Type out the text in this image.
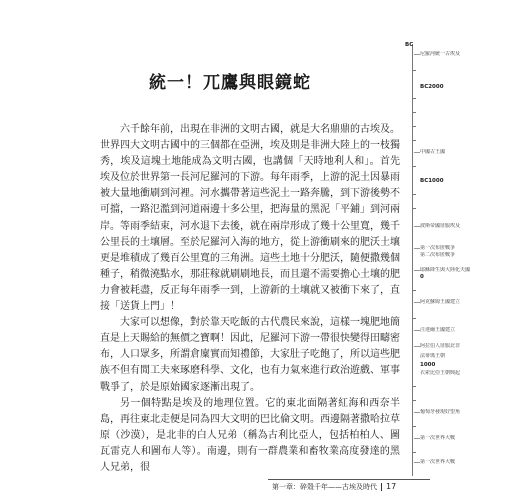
統一！兀鷹與眼鏡蛇

六千餘年前，出現在非洲的文明古國，就是大名鼎鼎的古埃及。世界四大文明古國中的三個都在亞洲，埃及則是非洲大陸上的一枝獨秀，埃及這塊土地能成為文明古國，也講個「天時地利人和」。首先埃及位於世界第一長河尼羅河的下游。每年雨季，上游的泥土因暴雨被大量地衝刷到河裡。河水攜帶著這些泥土一路奔騰，到下游後勢不可擋，一路氾濫到河道兩邊十多公里，把海量的黑泥「平鋪」到河兩岸。等雨季結束，河水退下去後，就在兩岸形成了幾十公里寬，幾千公里長的土壤層。至於尼羅河入海的地方，從上游衝刷來的肥沃土壤更是堆積成了幾百公里寬的三角洲。這些土地十分肥沃，隨便撒幾個種子，稍微澆點水，那莊稼就刷刷地長，而且還不需要擔心土壤的肥力會被耗盡，反正每年雨季一到，上游新的土壤就又被衝下來了，直接「送貨上門」！

大家可以想像，對於靠天吃飯的古代農民來說，這樣一塊肥地簡直是上天賜給的無價之寶啊！因此，尼羅河下游一帶很快變得田疇密布，人口眾多，所謂倉廩實而知禮節，大家肚子吃飽了，所以這些肥族不但有閒工夫來琢磨科學、文化，也有力氣來進行政治遊戲、軍事戰爭了，於是原始國家逐漸出現了。

另一個特點是埃及的地理位置。它的東北面隔著紅海和西奈半島，再往東北走便是同為四大文明的巴比倫文明。西邊隔著撒哈拉草原（沙漠），是北非的白人兄弟（稱為古利比亞人，包括柏柏人、圖瓦雷克人和圖布人等）。南邊，則有一群農業和畜牧業高度發達的黑人兄弟，很

BC
尼羅河統一古埃及
BC2000
中國古王國
BC1000
波斯帝國征服埃及
第一次布匿戰爭
第二次布匿戰爭
耶穌降生與大陸化天國
0
阿克蘇姆王國建立
汪達爾王國建立
阿拉伯人征服北非
法蒂瑪王朝
1000
衣索比亞王朝興起
葡萄牙發現好望角
第一次世界大戰
第一次世界大戰
第一章：碎殼千年——古埃及時代 17
